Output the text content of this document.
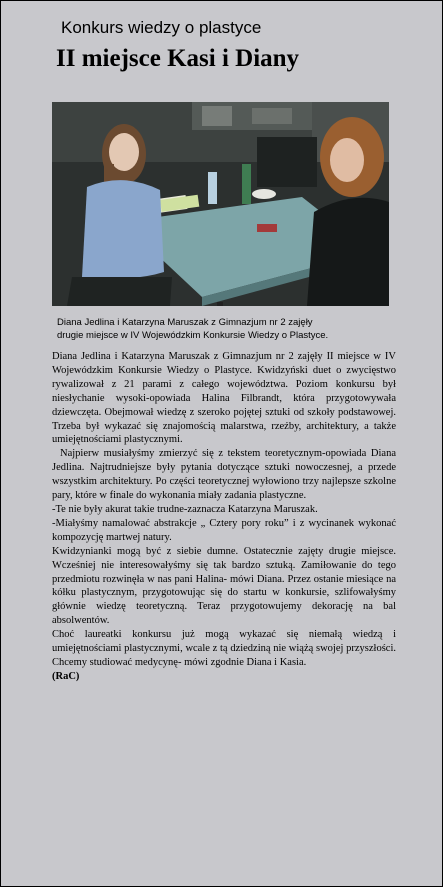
Konkurs wiedzy o plastyce
II miejsce Kasi i Diany
Diana Jedlina i Katarzyna Maruszak z Gimnazjum nr 2 zajęły
drugie miejsce w IV Wojewódzkim Konkursie Wiedzy o Plastyce.

Diana Jedlina i Katarzyna Maruszak z Gimnazjum nr 2 zajęły II miejsce w IV Wojewódzkim Konkursie Wiedzy o Plastyce. Kwidzyński duet o zwycięstwo rywalizował z 21 parami z całego województwa. Poziom konkursu był niesłychanie wysoki-opowiada Halina Filbrandt, która przygotowywała dziewczęta. Obejmował wiedzę z szeroko pojętej sztuki od szkoły podstawowej. Trzeba był wykazać się znajomością malarstwa, rzeźby, architektury, a także umiejętnościami plastycznymi.

Najpierw musiałyśmy zmierzyć się z tekstem teoretycznym-opowiada Diana Jedlina. Najtrudniejsze były pytania dotyczące sztuki nowoczesnej, a przede wszystkim architektury. Po części teoretycznej wyłowiono trzy najlepsze szkolne pary, które w finale do wykonania miały zadania plastyczne.

-Te nie były akurat takie trudne-zaznacza Katarzyna Maruszak.

-Miałyśmy namalować abstrakcje „ Cztery pory roku” i z wycinanek wykonać kompozycję martwej natury.

Kwidzynianki mogą być z siebie dumne. Ostatecznie zajęty drugie miejsce. Wcześniej nie interesowałyśmy się tak bardzo sztuką. Zamiłowanie do tego przedmiotu rozwinęła w nas pani Halina- mówi Diana. Przez ostanie miesiące na kółku plastycznym, przygotowując się do startu w konkursie, szlifowałyśmy głównie wiedzę teoretyczną. Teraz przygotowujemy dekorację na bal absolwentów.

Choć laureatki konkursu już mogą wykazać się niemałą wiedzą i umiejętnościami plastycznymi, wcale z tą dziedziną nie wiążą swojej przyszłości. Chcemy studiować medycynę- mówi zgodnie Diana i Kasia.

(RaC)
